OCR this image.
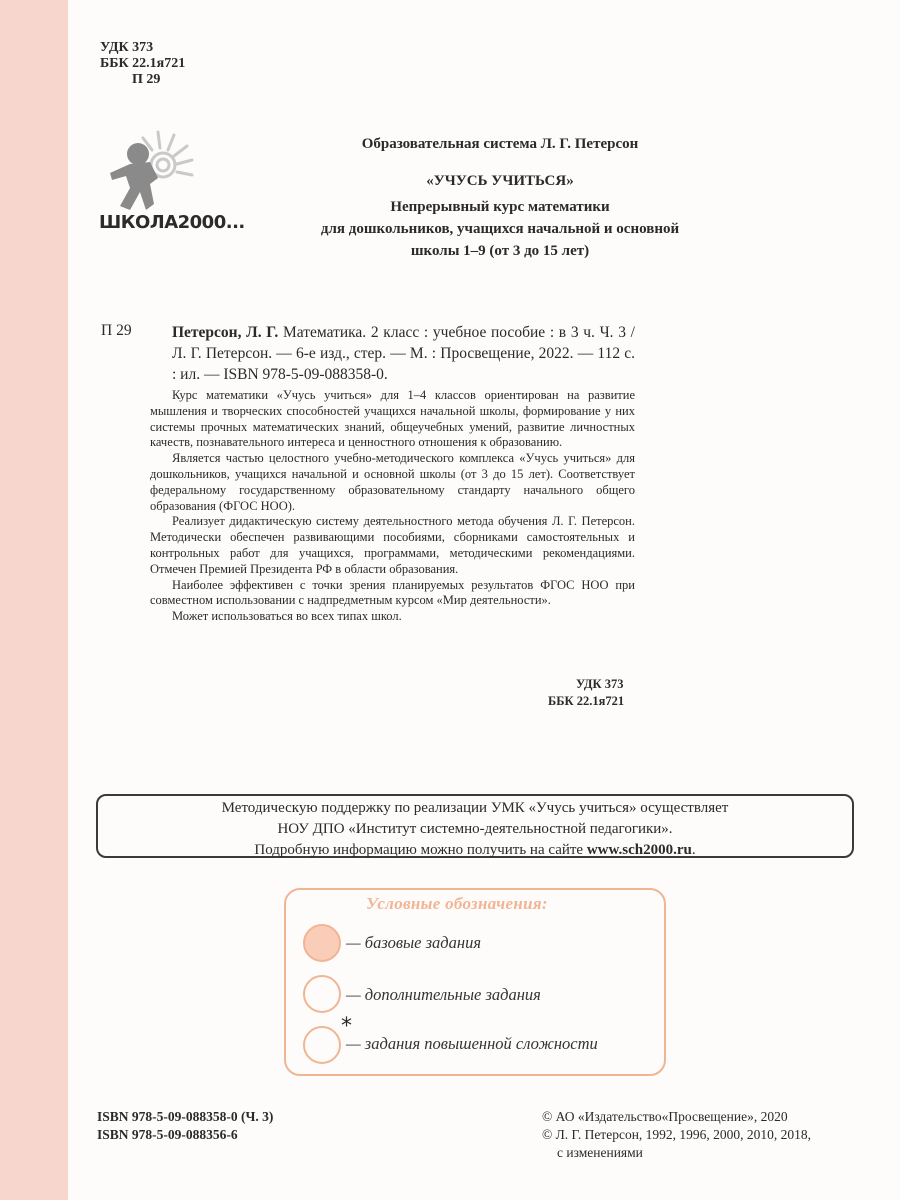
УДК 373
ББК 22.1я721
П 29
ШКОЛА2000...
Образовательная система Л. Г. Петерсон
«УЧУСЬ УЧИТЬСЯ»
Непрерывный курс математики
для дошкольников, учащихся начальной и основной
школы 1–9 (от 3 до 15 лет)
П 29	Петерсон, Л. Г. Математика. 2 класс : учебное пособие : в 3 ч. Ч. 3 / Л. Г. Петерсон. — 6-е изд., стер. — М. : Просвещение, 2022. — 112 с. : ил. — ISBN 978-5-09-088358-0.

Курс математики «Учусь учиться» для 1–4 классов ориентирован на развитие мышления и творческих способностей учащихся начальной школы, формирование у них системы прочных математических знаний, общеучебных умений, развитие личностных качеств, познавательного интереса и ценностного отношения к образованию.

Является частью целостного учебно-методического комплекса «Учусь учиться» для дошкольников, учащихся начальной и основной школы (от 3 до 15 лет). Соответствует федеральному государственному образовательному стандарту начального общего образования (ФГОС НОО).

Реализует дидактическую систему деятельностного метода обучения Л. Г. Петерсон. Методически обеспечен развивающими пособиями, сборниками самостоятельных и контрольных работ для учащихся, программами, методическими рекомендациями. Отмечен Премией Президента РФ в области образования.

Наиболее эффективен с точки зрения планируемых результатов ФГОС НОО при совместном использовании с надпредметным курсом «Мир деятельности».

Может использоваться во всех типах школ.

УДК 373
ББК 22.1я721
Методическую поддержку по реализации УМК «Учусь учиться» осуществляет
НОУ ДПО «Институт системно-деятельностной педагогики».
Подробную информацию можно получить на сайте www.sch2000.ru.
Условные обозначения:
*
— базовые задания
— дополнительные задания
— задания повышенной сложности
ISBN 978-5-09-088358-0 (Ч. 3)
ISBN 978-5-09-088356-6
© АО «Издательство«Просвещение», 2020
© Л. Г. Петерсон, 1992, 1996, 2000, 2010, 2018,
с изменениями
